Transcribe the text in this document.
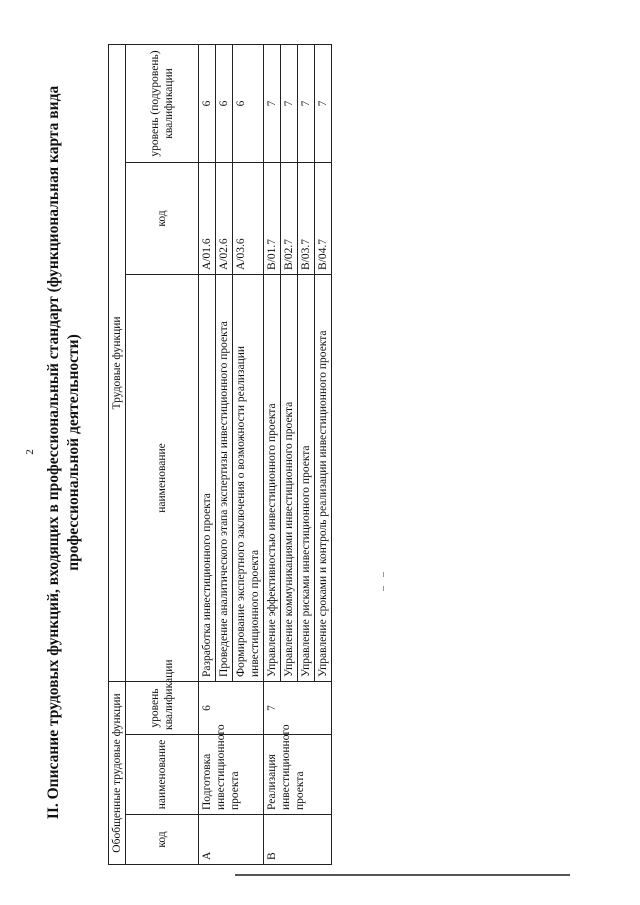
2 II. Описание трудовых функций, входящих в профессиональный стандарт (функциональная карта вида профессиональной деятельности)
Обобщенные трудовые функции			Трудовые функции		
код	наименование	уровень квалификации	наименование	код	уровень (подуровень) квалификации
A	Подготовка инвестиционного проекта	6	Разработка инвестиционного проекта	A/01.6	6
			Проведение аналитического этапа экспертизы инвестиционного проекта	A/02.6	6
			Формирование экспертного заключения о возможности реализации инвестиционного проекта	A/03.6	6
B	Реализация инвестиционного проекта	7	Управление эффективностью инвестиционного проекта	B/01.7	7
			Управление коммуникациями инвестиционного проекта	B/02.7	7
			Управление рисками инвестиционного проекта	B/03.7	7
			Управление сроками и контроль реализации инвестиционного проекта	B/04.7	7
